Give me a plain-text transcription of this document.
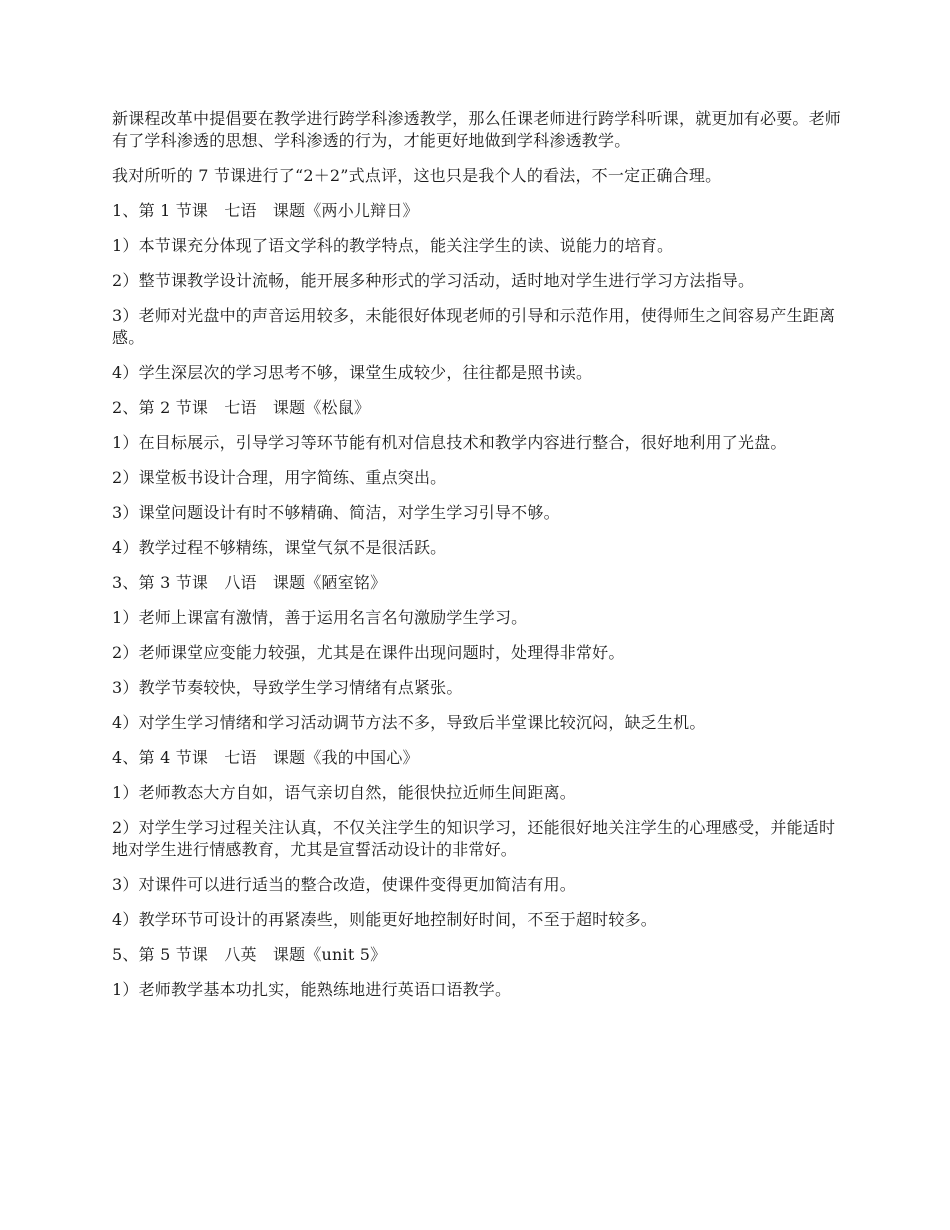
新课程改革中提倡要在教学进行跨学科渗透教学，那么任课老师进行跨学科听课，就更加有必要。老师有了学科渗透的思想、学科渗透的行为，才能更好地做到学科渗透教学。

我对所听的 7 节课进行了“2＋2”式点评，这也只是我个人的看法，不一定正确合理。

1、第 1 节课　七语　课题《两小儿辩日》

1）本节课充分体现了语文学科的教学特点，能关注学生的读、说能力的培育。

2）整节课教学设计流畅，能开展多种形式的学习活动，适时地对学生进行学习方法指导。

3）老师对光盘中的声音运用较多，未能很好体现老师的引导和示范作用，使得师生之间容易产生距离感。

4）学生深层次的学习思考不够，课堂生成较少，往往都是照书读。

2、第 2 节课　七语　课题《松鼠》

1）在目标展示，引导学习等环节能有机对信息技术和教学内容进行整合，很好地利用了光盘。

2）课堂板书设计合理，用字简练、重点突出。

3）课堂问题设计有时不够精确、简洁，对学生学习引导不够。

4）教学过程不够精练，课堂气氛不是很活跃。

3、第 3 节课　八语　课题《陋室铭》

1）老师上课富有激情，善于运用名言名句激励学生学习。

2）老师课堂应变能力较强，尤其是在课件出现问题时，处理得非常好。

3）教学节奏较快，导致学生学习情绪有点紧张。

4）对学生学习情绪和学习活动调节方法不多，导致后半堂课比较沉闷，缺乏生机。

4、第 4 节课　七语　课题《我的中国心》

1）老师教态大方自如，语气亲切自然，能很快拉近师生间距离。

2）对学生学习过程关注认真，不仅关注学生的知识学习，还能很好地关注学生的心理感受，并能适时地对学生进行情感教育，尤其是宣誓活动设计的非常好。

3）对课件可以进行适当的整合改造，使课件变得更加简洁有用。

4）教学环节可设计的再紧凑些，则能更好地控制好时间，不至于超时较多。

5、第 5 节课　八英　课题《unit 5》

1）老师教学基本功扎实，能熟练地进行英语口语教学。
